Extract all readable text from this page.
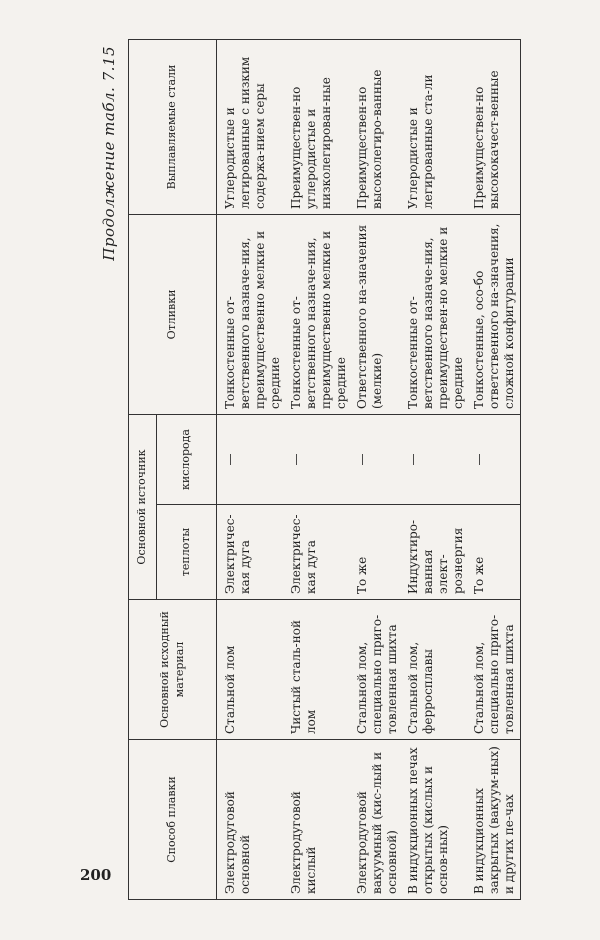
200
Продолжение табл. 7.15
Способ плавки	Основной исходный материал	Основной источник		Отливки	Выплавляемые стали
		теплоты	кислорода		
Электродуговой основной	Стальной лом	Электричес-кая дуга	—	Тонкостенные от-ветственного назначе-ния, преимущественно мелкие и средние	Углеродистые и легированные с низким содержа-нием серы
Электродуговой кислый	Чистый сталь-ной лом	Электричес-кая дуга	—	Тонкостенные от-ветственного назначе-ния, преимущественно мелкие и средние	Преимуществен-но углеродистые и низколегирован-ные
Электродуговой вакуумный (кис-лый и основной)	Стальной лом, специально приго-товленная шихта	То же	—	Ответственного на-значения (мелкие)	Преимуществен-но высоколегиро-ванные
В индукционных печах открытых (кислых и основ-ных)	Стальной лом, ферросплавы	Индуктиро-ванная элект-роэнергия	—	Тонкостенные от-ветственного назначе-ния, преимуществен-но мелкие и средние	Углеродистые и легированные ста-ли
В индукционных закрытых (вакуум-ных) и других пе-чах	Стальной лом, специально приго-товленная шихта	То же	—	Тонкостенные, осо-бо ответственного на-значения, сложной конфигурации	Преимуществен-но высококачест-венные
